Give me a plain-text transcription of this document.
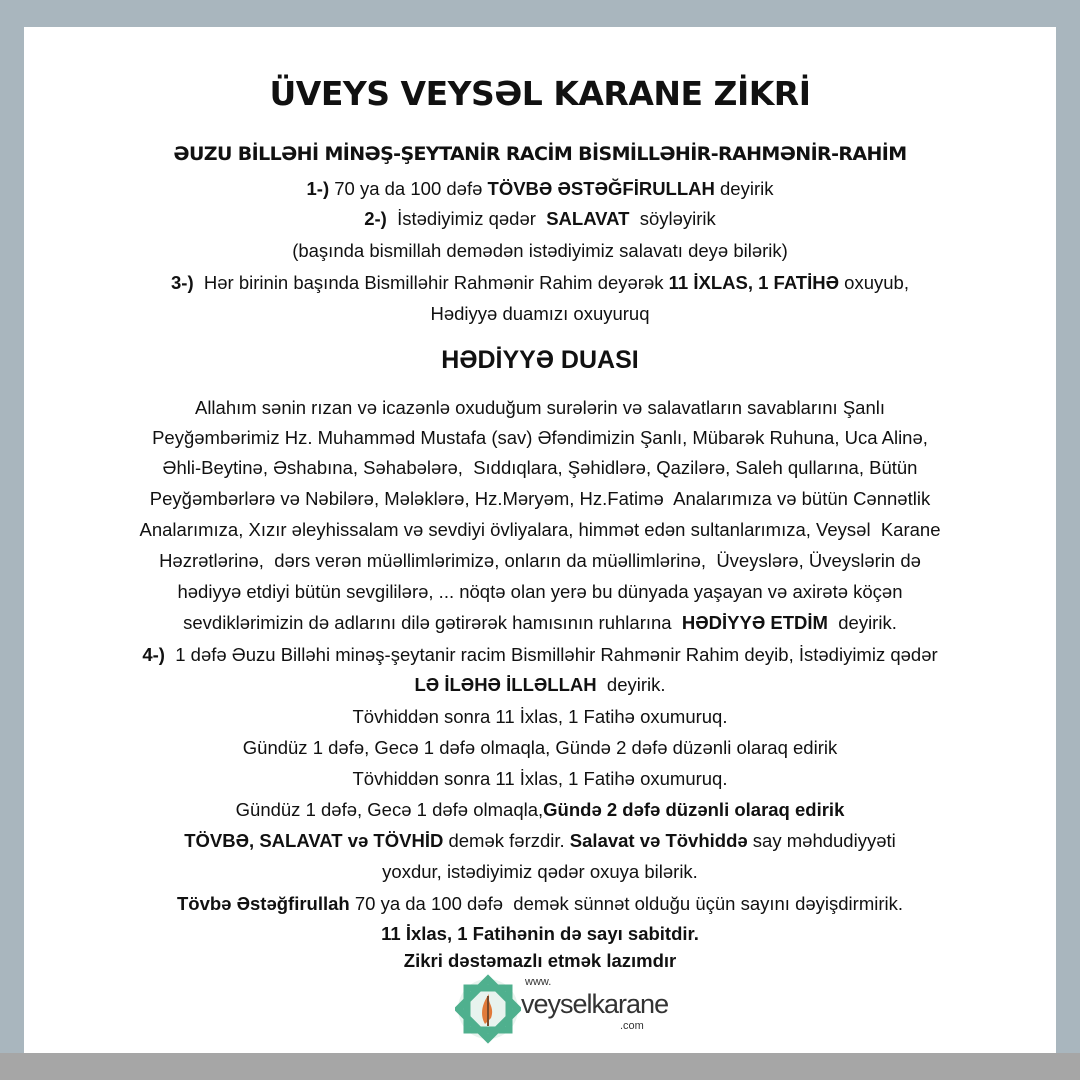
ÜVEYS VEYSƏL KARANE ZİKRİ
ƏUZU BİLLƏHİ MİNƏŞ-ŞEYTANİR RACİM BİSMİLLƏHİR-RAHMƏNİR-RAHİM
1-) 70 ya da 100 dəfə TÖVBƏ ƏSTƏĞFİRULLAH deyirik
2-)  İstədiyimiz qədər  SALAVAT  söyləyirik
(başında bismillah demədən istədiyimiz salavatı deyə bilərik)
3-)  Hər birinin başında Bismilləhir Rahmənir Rahim deyərək 11 İXLAS, 1 FATİHƏ oxuyub,
Hədiyyə duamızı oxuyuruq
HƏDİYYƏ DUASI
Allahım sənin rızan və icazənlə oxuduğum surələrin və salavatların savablarını Şanlı
Peyğəmbərimiz Hz. Muhamməd Mustafa (sav) Əfəndimizin Şanlı, Mübarək Ruhuna, Uca Alinə,
Əhli-Beytinə, Əshabına, Səhabələrə,  Sıddıqlara, Şəhidlərə, Qazilərə, Saleh qullarına, Bütün
Peyğəmbərlərə və Nəbilərə, Mələklərə, Hz.Məryəm, Hz.Fatimə  Analarımıza və bütün Cənnətlik
Analarımıza, Xızır əleyhissalam və sevdiyi övliyalara, himmət edən sultanlarımıza, Veysəl  Karane
Həzrətlərinə,  dərs verən müəllimlərimizə, onların da müəllimlərinə,  Üveyslərə, Üveyslərin də
hədiyyə etdiyi bütün sevgililərə, ... nöqtə olan yerə bu dünyada yaşayan və axirətə köçən
sevdiklərimizin də adlarını dilə gətirərək hamısının ruhlarına  HƏDİYYƏ ETDİM  deyirik.
4-)  1 dəfə Əuzu Billəhi minəş-şeytanir racim Bismilləhir Rahmənir Rahim deyib, İstədiyimiz qədər
LƏ İLƏHƏ İLLƏLLAH  deyirik.
Tövhiddən sonra 11 İxlas, 1 Fatihə oxumuruq.
Gündüz 1 dəfə, Gecə 1 dəfə olmaqla, Gündə 2 dəfə düzənli olaraq edirik
Tövhiddən sonra 11 İxlas, 1 Fatihə oxumuruq.
Gündüz 1 dəfə, Gecə 1 dəfə olmaqla,Gündə 2 dəfə düzənli olaraq edirik
TÖVBƏ, SALAVAT və TÖVHİD demək fərzdir. Salavat və Tövhiddə say məhdudiyyəti
yoxdur, istədiyimiz qədər oxuya bilərik.
Tövbə Əstəğfirullah 70 ya da 100 dəfə  demək sünnət olduğu üçün sayını dəyişdirmirik.
11 İxlas, 1 Fatihənin də sayı sabitdir.
Zikri dəstəmazlı etmək lazımdır
www.
veyselkarane
.com
